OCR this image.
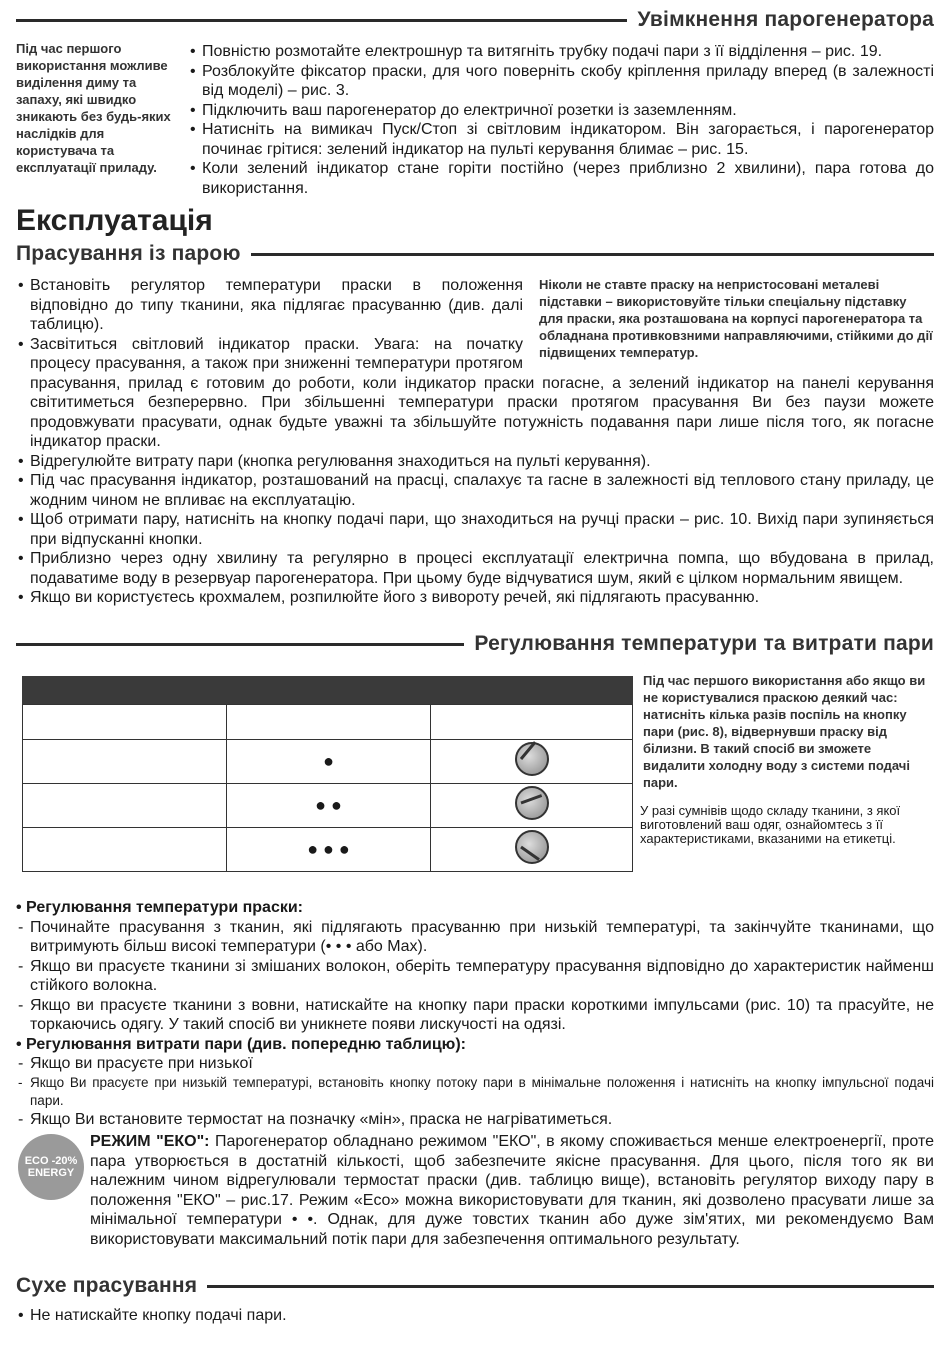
Увімкнення парогенератора
Під час першого використання можливе виділення диму та запаху, які швидко зникають без будь-яких наслідків для користувача та експлуатації приладу.
• Повністю розмотайте електрошнур та витягніть трубку подачі пари з її відділення – рис. 19.
• Розблокуйте фіксатор праски, для чого поверніть скобу кріплення приладу вперед (в залежності від моделі) – рис. 3.
• Підключить ваш парогенератор до електричної розетки із заземленням.
• Натисніть на вимикач Пуск/Стоп зі світловим індикатором. Він загорається, і парогенератор починає грітися: зелений індикатор на пульті керування блимає – рис. 15.
• Коли зелений індикатор стане горіти постійно (через приблизно 2 хвилини), пара готова до використання.
Експлуатація
Прасування із парою
Ніколи не ставте праску на непристосовані металеві підставки – використовуйте тільки спеціальну підставку для праски, яка розташована на корпусі парогенератора та обладнана противковзними направляючими, стійкими до дії підвищених температур.
• Встановіть регулятор температури праски в положення відповідно до типу тканини, яка підлягає прасуванню (див. далі таблицю).
• Засвітиться світловий індикатор праски. Увага: на початку процесу прасування, а також при зниженні температури протягом прасування, прилад є готовим до роботи, коли індикатор праски погасне, а зелений індикатор на панелі керування світитиметься безперервно. При збільшенні температури праски протягом прасування Ви без паузи можете продовжувати прасувати, однак будьте уважні та збільшуйте потужність подавання пари лише після того, як погасне індикатор праски.
• Відрегулюйте витрату пари (кнопка регулювання знаходиться на пульті керування).
• Під час прасування індикатор, розташований на прасці, спалахує та гасне в залежності від теплового стану приладу, це жодним чином не впливає на експлуатацію.
• Щоб отримати пару, натисніть на кнопку подачі пари, що знаходиться на ручці праски – рис. 10. Вихід пари зупиняється при відпусканні кнопки.
• Приблизно через одну хвилину та регулярно в процесі експлуатації електрична помпа, що вбудована в прилад, подаватиме воду в резервуар парогенератора. При цьому буде відчуватися шум, який є цілком нормальним явищем.
• Якщо ви користуєтесь крохмалем, розпилюйте його з вивороту речей, які підлягають прасуванню.
Регулювання температури та витрати пари

	●	
	● ●	
	● ● ●	
Під час першого використання або якщо ви не користувалися праскою деякий час: натисніть кілька разів поспіль на кнопку пари (рис. 8), відвернувши праску від білизни. В такий спосіб ви зможете видалити холодну воду з системи подачі пари.
У разі сумнівів щодо складу тканини, з якої виготовлений ваш одяг, ознайомтесь з її характеристиками, вказаними на етикетці.
• Регулювання температури праски:
- Починайте прасування з тканин, які підлягають прасуванню при низькій температурі, та закінчуйте тканинами, що витримують більш високі температури (• • • або Max).
- Якщо ви прасуєте тканини зі змішаних волокон, оберіть температуру прасування відповідно до характеристик найменш стійкого волокна.
- Якщо ви прасуєте тканини з вовни, натискайте на кнопку пари праски короткими імпульсами (рис. 10) та прасуйте, не торкаючись одягу. У такий спосіб ви уникнете появи лискучості на одязі.
• Регулювання витрати пари (див. попередню таблицю):
- Якщо ви прасуєте при низької
- Якщо Ви прасуєте при низькій температурі, встановіть кнопку потоку пари в мінімальне положення і натисніть на кнопку імпульсної подачі пари.
- Якщо Ви встановите термостат на позначку «мін», праска не нагріватиметься.
ECO -20%
ENERGY
РЕЖИМ "ЕКО": Парогенератор обладнано режимом "ЕКО", в якому споживається менше електроенергії, проте пара утворюється в достатній кількості, щоб забезпечите якісне прасування. Для цього, після того як ви належним чином відрегулювали термостат праски (див. таблицю вище), встановіть регулятор виходу пару в положення "ЕКО" – рис.17. Режим «Eco» можна використовувати для тканин, які дозволено прасувати лише за мінімальної температури • •. Однак, для дуже товстих тканин або дуже зім'ятих, ми рекомендуємо Вам використовувати максимальний потік пари для забезпечення оптимального результату.
Сухе прасування
• Не натискайте кнопку подачі пари.
